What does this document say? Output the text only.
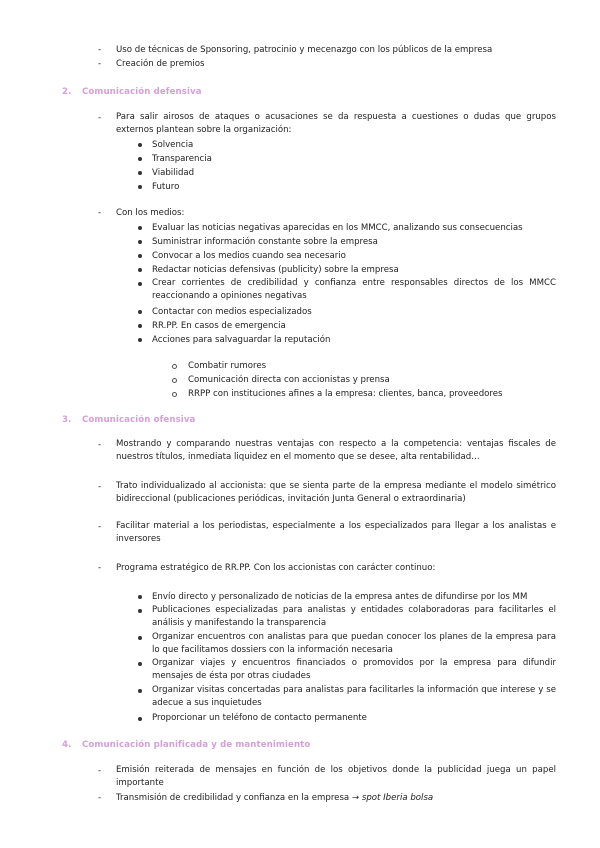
-	Uso de técnicas de Sponsoring, patrocinio y mecenazgo con los públicos de la empresa
-	Creación de premios
2. Comunicación defensiva
-	Para salir airosos de ataques o acusaciones se da respuesta a cuestiones o dudas que grupos externos plantean sobre la organización:
Solvencia
Transparencia
Viabilidad
Futuro
-	Con los medios:
Evaluar las noticias negativas aparecidas en los MMCC, analizando sus consecuencias
Suministrar información constante sobre la empresa
Convocar a los medios cuando sea necesario
Redactar noticias defensivas (publicity) sobre la empresa
Crear corrientes de credibilidad y confianza entre responsables directos de los MMCC reaccionando a opiniones negativas
Contactar con medios especializados
RR.PP. En casos de emergencia
Acciones para salvaguardar la reputación
Combatir rumores
Comunicación directa con accionistas y prensa
RRPP con instituciones afines a la empresa: clientes, banca, proveedores
3. Comunicación ofensiva
-	Mostrando y comparando nuestras ventajas con respecto a la competencia: ventajas fiscales de nuestros títulos, inmediata liquidez en el momento que se desee, alta rentabilidad…
-	Trato individualizado al accionista: que se sienta parte de la empresa mediante el modelo simétrico bidireccional (publicaciones periódicas, invitación Junta General o extraordinaria)
-	Facilitar material a los periodistas, especialmente a los especializados para llegar a los analistas e inversores
-	Programa estratégico de RR.PP. Con los accionistas con carácter continuo:
Envío directo y personalizado de noticias de la empresa antes de difundirse por los MM
Publicaciones especializadas para analistas y entidades colaboradoras para facilitarles el análisis y manifestando la transparencia
Organizar encuentros con analistas para que puedan conocer los planes de la empresa para lo que facilitamos dossiers con la información necesaria
Organizar viajes y encuentros financiados o promovidos por la empresa para difundir mensajes de ésta por otras ciudades
Organizar visitas concertadas para analistas para facilitarles la información que interese y se adecue a sus inquietudes
Proporcionar un teléfono de contacto permanente
4. Comunicación planificada y de mantenimiento
-	Emisión reiterada de mensajes en función de los objetivos donde la publicidad juega un papel importante
-	Transmisión de credibilidad y confianza en la empresa → spot Iberia bolsa
